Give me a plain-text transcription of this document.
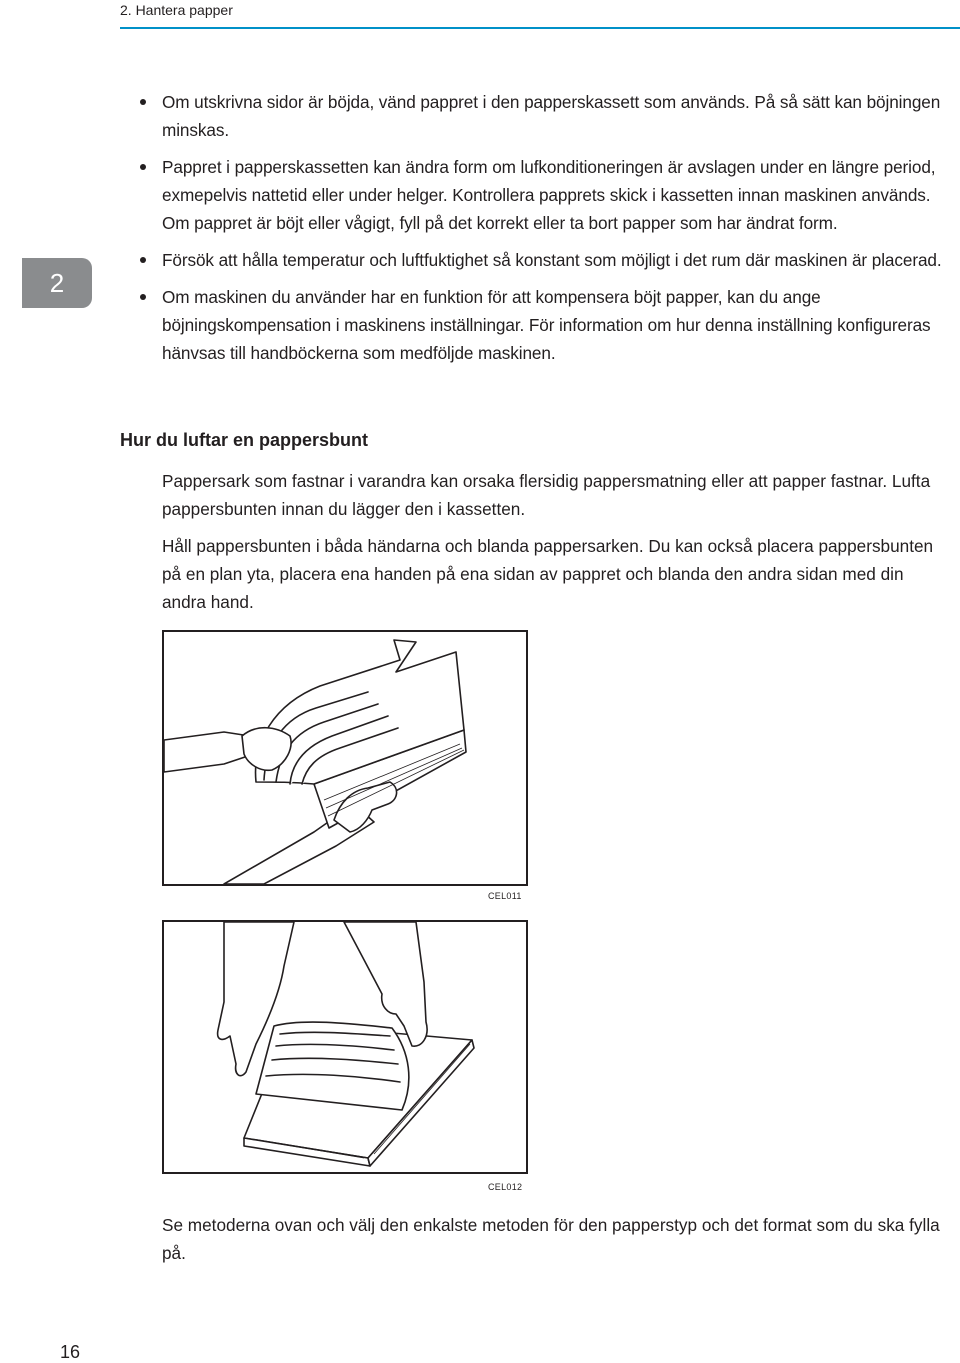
2. Hantera papper
2
Om utskrivna sidor är böjda, vänd pappret i den papperskassett som används. På så sätt kan böjningen minskas.
Pappret i papperskassetten kan ändra form om lufkonditioneringen är avslagen under en längre period, exmepelvis nattetid eller under helger. Kontrollera papprets skick i kassetten innan maskinen används. Om pappret är böjt eller vågigt, fyll på det korrekt eller ta bort papper som har ändrat form.
Försök att hålla temperatur och luftfuktighet så konstant som möjligt i det rum där maskinen är placerad.
Om maskinen du använder har en funktion för att kompensera böjt papper, kan du ange böjningskompensation i maskinens inställningar. För information om hur denna inställning konfigureras hänvsas till handböckerna som medföljde maskinen.
Hur du luftar en pappersbunt

Pappersark som fastnar i varandra kan orsaka flersidig pappersmatning eller att papper fastnar. Lufta pappersbunten innan du lägger den i kassetten.

Håll pappersbunten i båda händarna och blanda pappersarken. Du kan också placera pappersbunten på en plan yta, placera ena handen på ena sidan av pappret och blanda den andra sidan med din andra hand.

CEL011
CEL012

Se metoderna ovan och välj den enkalste metoden för den papperstyp och det format som du ska fylla på.

16
